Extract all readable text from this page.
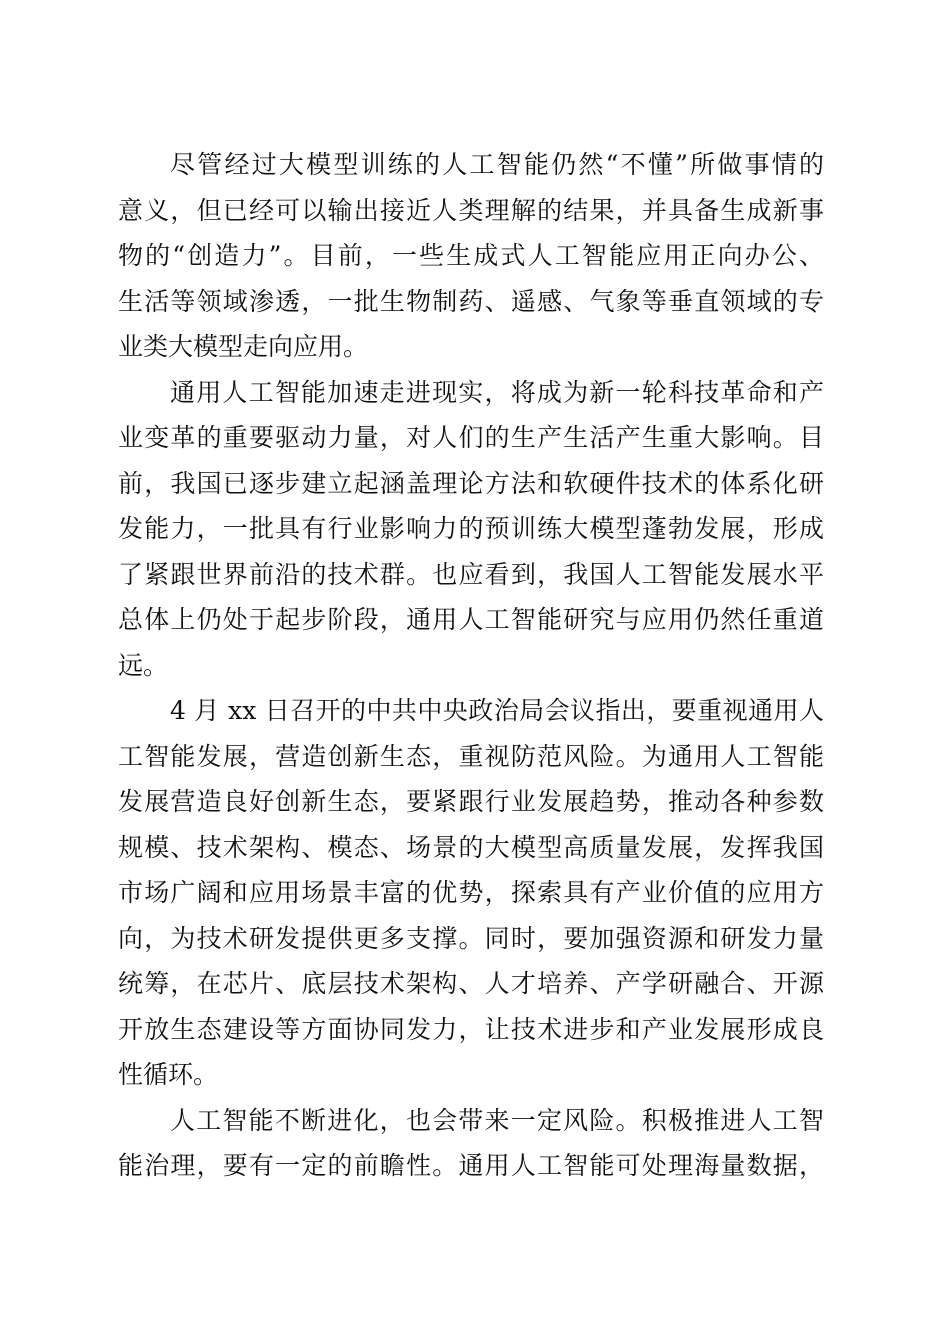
尽管经过大模型训练的人工智能仍然“不懂”所做事情的
意义，但已经可以输出接近人类理解的结果，并具备生成新事
物的“创造力”。目前，一些生成式人工智能应用正向办公、
生活等领域渗透，一批生物制药、遥感、气象等垂直领域的专
业类大模型走向应用。
通用人工智能加速走进现实，将成为新一轮科技革命和产
业变革的重要驱动力量，对人们的生产生活产生重大影响。目
前，我国已逐步建立起涵盖理论方法和软硬件技术的体系化研
发能力，一批具有行业影响力的预训练大模型蓬勃发展，形成
了紧跟世界前沿的技术群。也应看到，我国人工智能发展水平
总体上仍处于起步阶段，通用人工智能研究与应用仍然任重道
远。
4 月 xx 日召开的中共中央政治局会议指出，要重视通用人
工智能发展，营造创新生态，重视防范风险。为通用人工智能
发展营造良好创新生态，要紧跟行业发展趋势，推动各种参数
规模、技术架构、模态、场景的大模型高质量发展，发挥我国
市场广阔和应用场景丰富的优势，探索具有产业价值的应用方
向，为技术研发提供更多支撑。同时，要加强资源和研发力量
统筹，在芯片、底层技术架构、人才培养、产学研融合、开源
开放生态建设等方面协同发力，让技术进步和产业发展形成良
性循环。
人工智能不断进化，也会带来一定风险。积极推进人工智
能治理，要有一定的前瞻性。通用人工智能可处理海量数据，
